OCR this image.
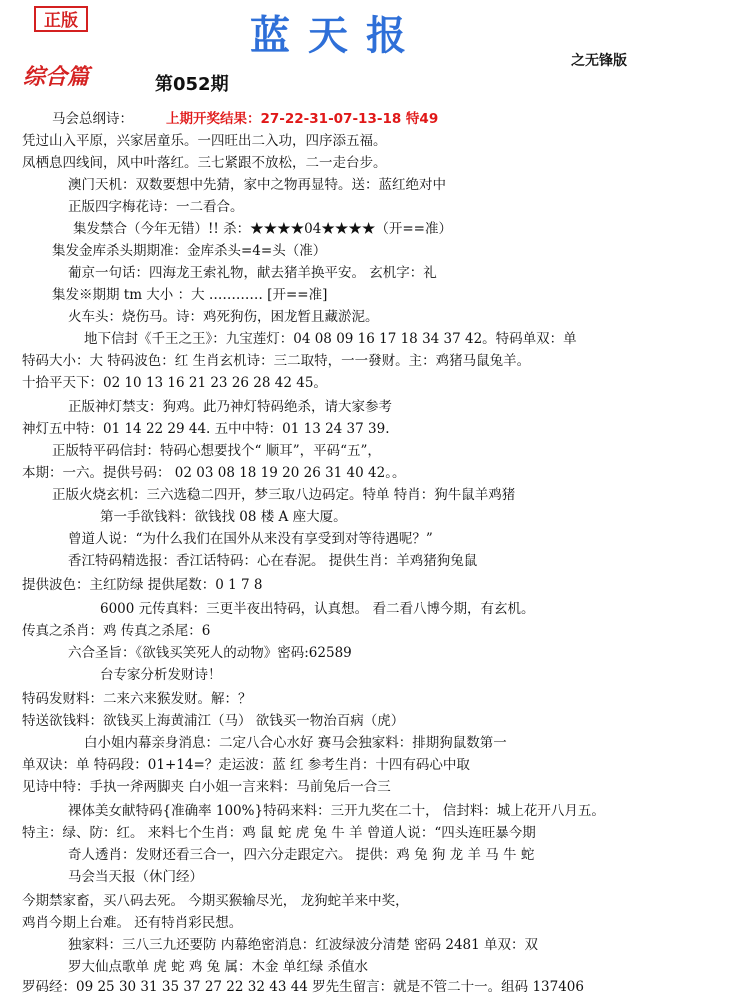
正版	蓝天报
之无锋版
综合篇	第052期
马会总纲诗： 上期开奖结果：27-22-31-07-13-18 特49
凭过山入平原，兴家居童乐。一四旺出二入功，四序添五福。
凤栖息四线间，风中叶落红。三七紧跟不放松，二一走台步。
澳门天机：双数要想中先猜，家中之物再显特。送：蓝红绝对中
正版四字梅花诗：一二看合。
集发禁合（今年无错）!! 杀：★★★★04★★★★（开==准）
集发金库杀头期期准：金库杀头=4=头（准）
葡京一句话：四海龙王索礼物，献去猪羊换平安。 玄机字：礼
集发※期期 tm 大小 ：大 ………… [开==准]
火车头：烧伤马。诗：鸡死狗伤，困龙暂且藏淤泥。
地下信封《千王之王》：九宝莲灯：04 08 09 16 17 18 34 37 42。特码单双：单
特码大小：大 特码波色：红 生肖玄机诗：三二取特，一一發财。主：鸡猪马鼠兔羊。
十拾平天下：02 10 13 16 21 23 26 28 42 45。
正版神灯禁支：狗鸡。此乃神灯特码绝杀，请大家参考
神灯五中特：01 14 22 29 44. 五中中特：01 13 24 37 39.
正版特平码信封：特码心想要找个“ 顺耳”，平码“五”，
本期：一六。提供号码： 02 03 08 18 19 20 26 31 40 42。。
正版火烧玄机：三六选稳二四开，梦三取八边码定。特单 特肖：狗牛鼠羊鸡猪
第一手欲钱料：欲钱找 08 楼 A 座大厦。
曾道人说：“为什么我们在国外从来没有享受到对等待遇呢？”
香江特码精选报：香江话特码：心在春泥。 提供生肖：羊鸡猪狗兔鼠
提供波色：主红防绿 提供尾数：0 1 7 8
6000 元传真料：三更半夜出特码，认真想。 看二看八博今期，有玄机。
传真之杀肖：鸡 传真之杀尾：6
六合圣旨：《欲钱买笑死人的动物》密码:62589
台专家分析发财诗！
特码发财料：二来六来猴发财。解：？
特送欲钱料：欲钱买上海黄浦江（马） 欲钱买一物治百病（虎）
白小姐内幕亲身消息：二定八合心水好 赛马会独家料：排期狗鼠数第一
单双诀：单 特码段：01+14=？走运波：蓝 红 参考生肖：十四有码心中取
见诗中特：手执一斧两脚夹 白小姐一言来料：马前兔后一合三
裸体美女献特码{准确率 100%}特码来料：三开九奖在二十， 信封料：城上花开八月五。
特主：绿、防：红。 来料七个生肖：鸡 鼠 蛇 虎 兔 牛 羊 曾道人说：“四头连旺暴今期
奇人透肖：发财还看三合一，四六分走跟定六。 提供：鸡 兔 狗 龙 羊 马 牛 蛇
马会当天报（休门经）
今期禁家畜，买八码去死。 今期买猴输尽光， 龙狗蛇羊来中奖，
鸡肖今期上台难。 还有特肖彩民想。
独家料：三八三九还要防 内幕绝密消息：红波绿波分清楚 密码 2481 单双：双
罗大仙点歌单 虎 蛇 鸡 兔 属：木金 单红绿 杀值水
罗码经：09 25 30 31 35 37 27 22 32 43 44 罗先生留言：就是不管二十一。组码 137406
